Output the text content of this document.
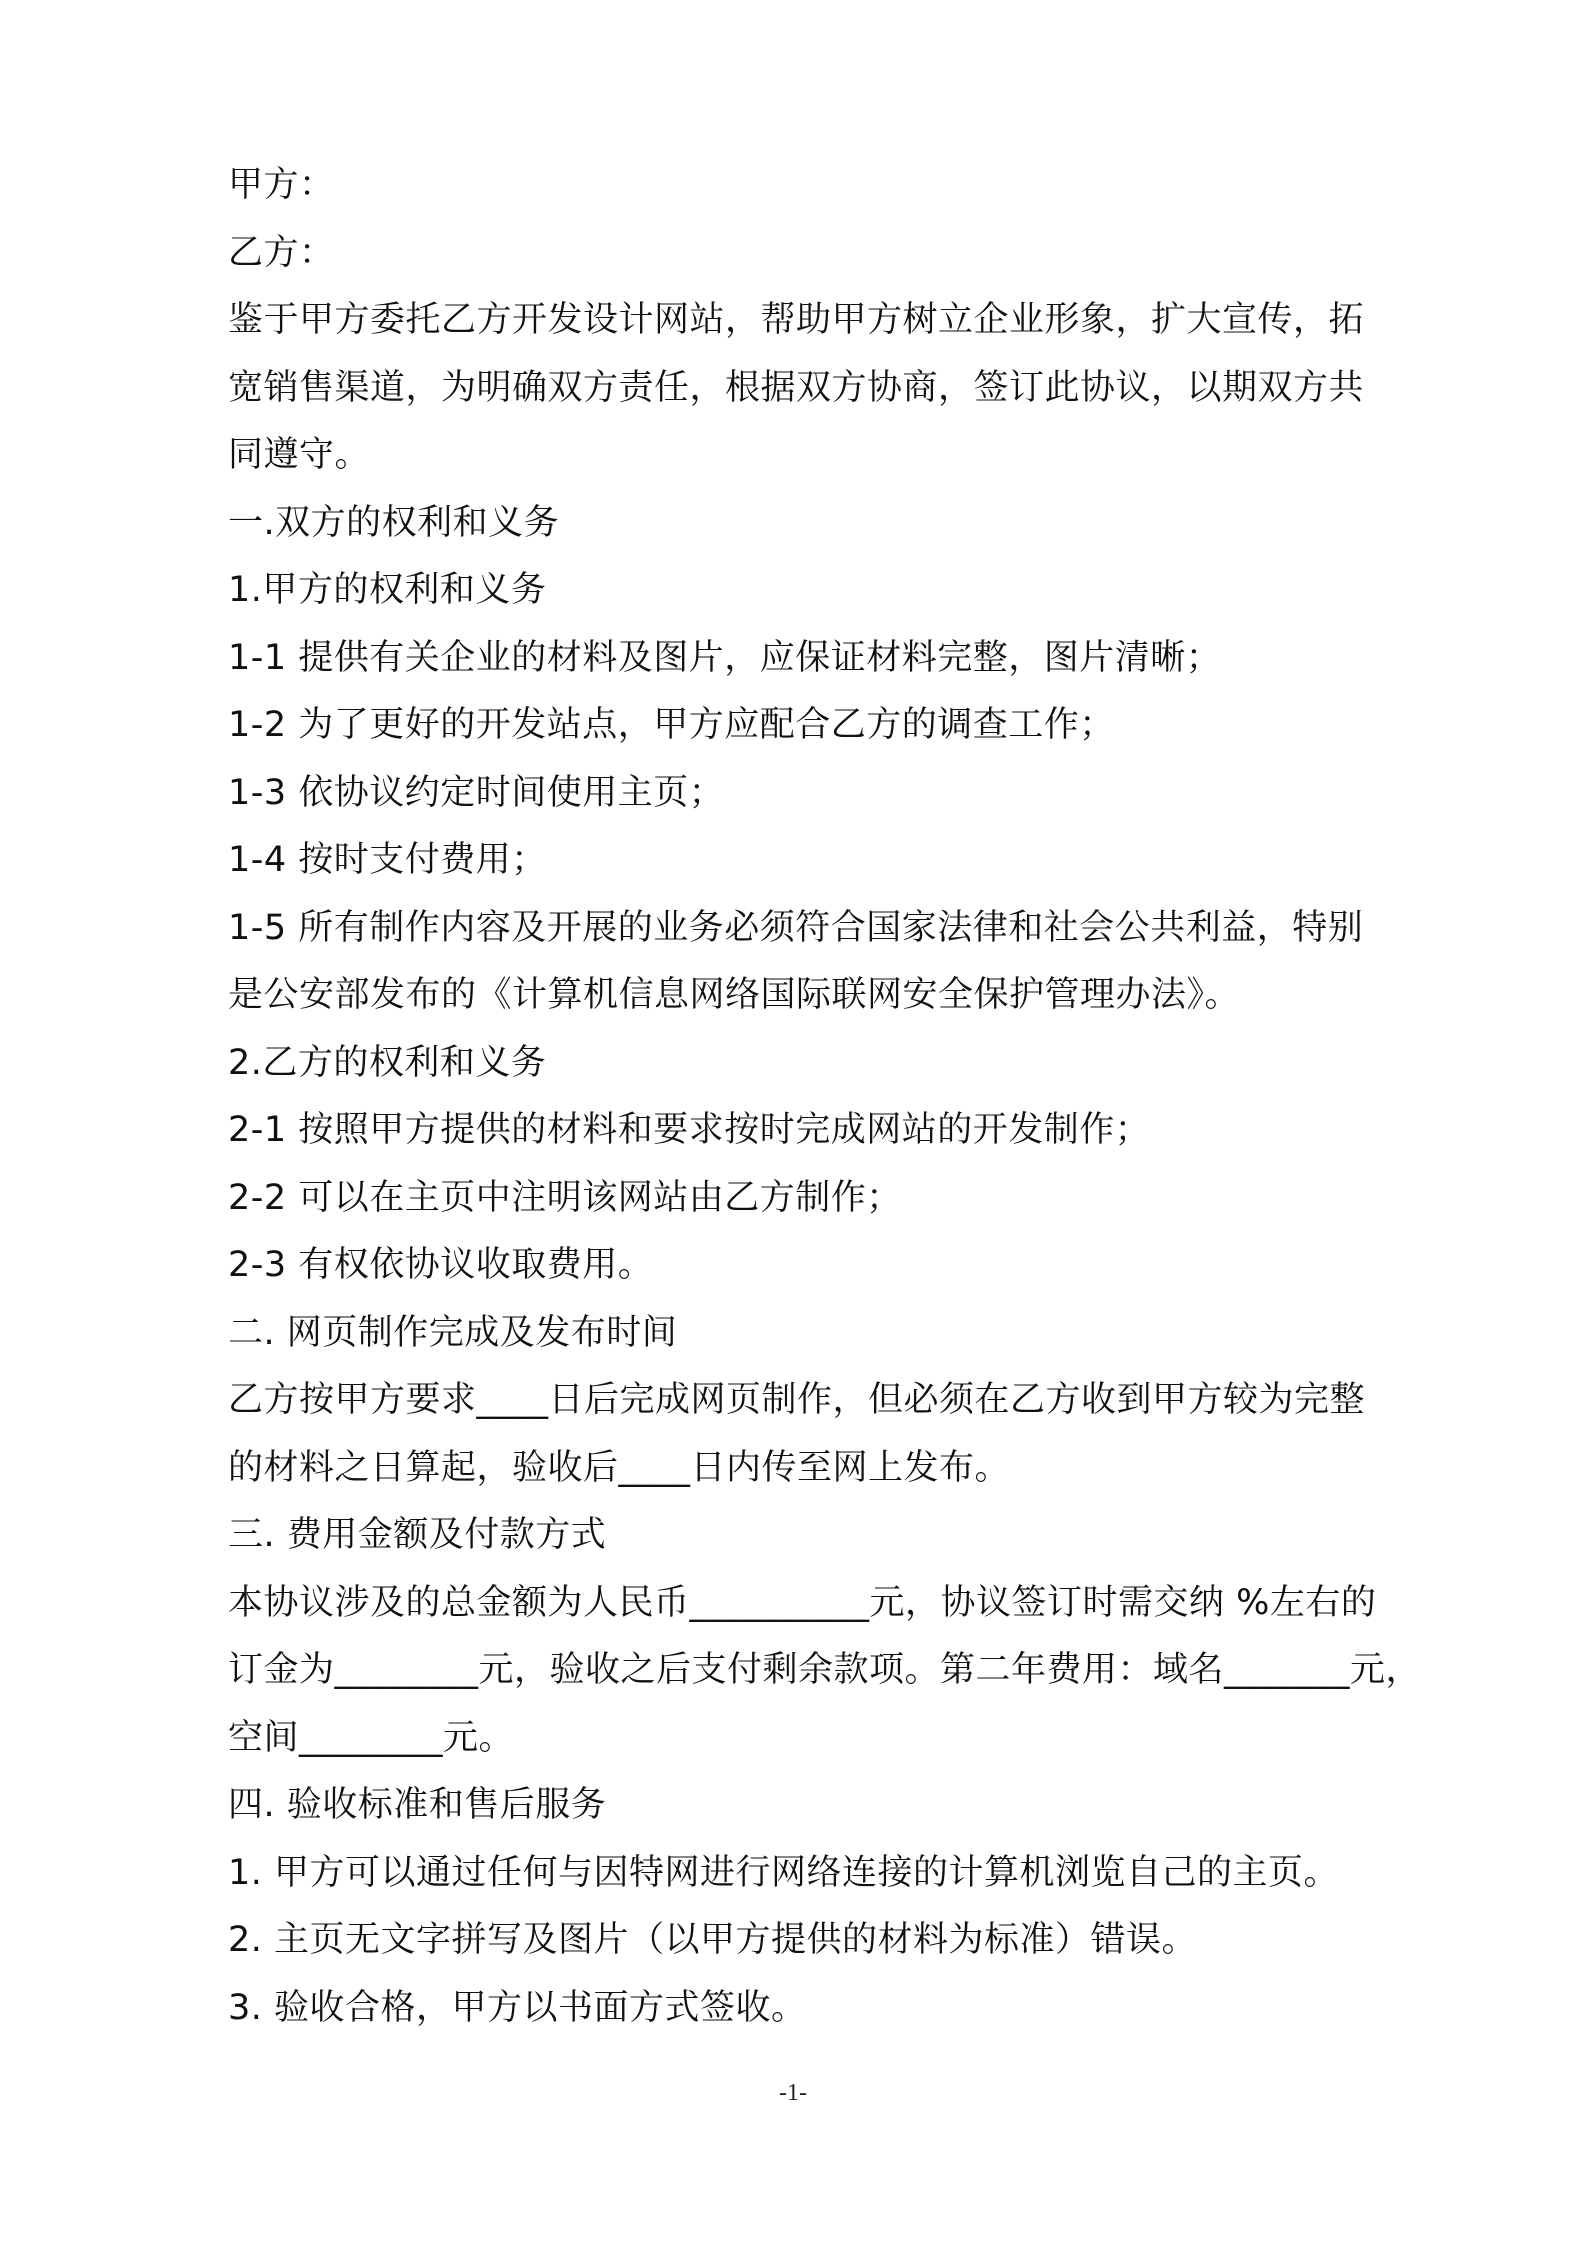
甲方：
乙方：
鉴于甲方委托乙方开发设计网站，帮助甲方树立企业形象，扩大宣传，拓
宽销售渠道，为明确双方责任，根据双方协商，签订此协议，以期双方共
同遵守。
一.双方的权利和义务
1.甲方的权利和义务
1-1 提供有关企业的材料及图片，应保证材料完整，图片清晰；
1-2 为了更好的开发站点，甲方应配合乙方的调查工作；
1-3 依协议约定时间使用主页；
1-4 按时支付费用；
1-5 所有制作内容及开展的业务必须符合国家法律和社会公共利益，特别
是公安部发布的《计算机信息网络国际联网安全保护管理办法》。
2.乙方的权利和义务
2-1 按照甲方提供的材料和要求按时完成网站的开发制作；
2-2 可以在主页中注明该网站由乙方制作；
2-3 有权依协议收取费用。
二. 网页制作完成及发布时间
乙方按甲方要求____日后完成网页制作，但必须在乙方收到甲方较为完整
的材料之日算起，验收后____日内传至网上发布。
三. 费用金额及付款方式
本协议涉及的总金额为人民币__________元，协议签订时需交纳 %左右的
订金为________元，验收之后支付剩余款项。第二年费用：域名_______元，
空间________元。
四. 验收标准和售后服务
1. 甲方可以通过任何与因特网进行网络连接的计算机浏览自己的主页。
2. 主页无文字拼写及图片（以甲方提供的材料为标准）错误。
3. 验收合格，甲方以书面方式签收。
-1-
